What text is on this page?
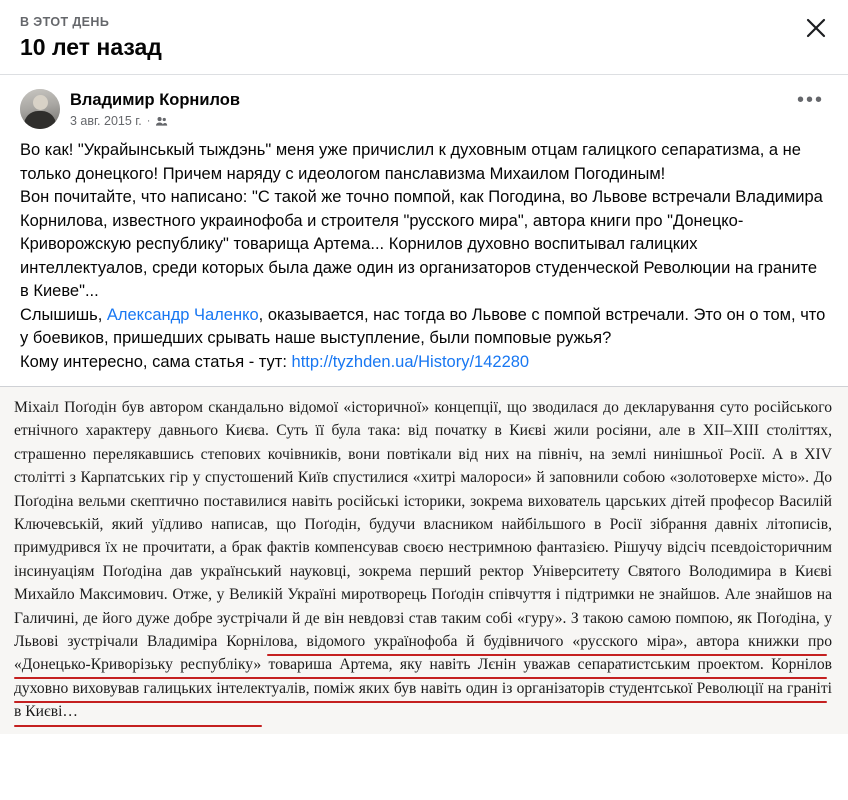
В ЭТОТ ДЕНЬ
10 лет назад
Владимир Корнилов
3 авг. 2015 г. ·
•••

Во как! "Украйынськый тыждэнь" меня уже причислил к духовным отцам галицкого сепаратизма, а не только донецкого! Причем наряду с идеологом панславизма Михаилом Погодиным!

Вон почитайте, что написано: "С такой же точно помпой, как Погодина, во Львове встречали Владимира Корнилова, известного украинофоба и строителя "русского мира", автора книги про "Донецко-Криворожскую республику" товарища Артема... Корнилов духовно воспитывал галицких интеллектуалов, среди которых была даже один из организаторов студенческой Революции на граните в Киеве"...

Слышишь, Александр Чаленко, оказывается, нас тогда во Львове с помпой встречали. Это он о том, что у боевиков, пришедших срывать наше выступление, были помповые ружья?

Кому интересно, сама статья - тут: http://tyzhden.ua/History/142280

Міхаіл Поґодін був автором скандально відомої «історичної» концепції, що зводилася до декларування суто російського етнічного характеру давнього Києва. Суть її була така: від початку в Києві жили росіяни, але в XII–XIII століттях, страшенно перелякавшись степових кочівників, вони повтікали від них на північ, на землі нинішньої Росії. А в XIV столітті з Карпатських гір у спустошений Київ спустилися «хитрі малороси» й заповнили собою «золотоверхе місто». До Поґодіна вельми скептично поставилися навіть російські історики, зокрема вихователь царських дітей професор Василій Ключевській, який уїдливо написав, що Поґодін, будучи власником найбільшого в Росії зібрання давніх літописів, примудрився їх не прочитати, а брак фактів компенсував своєю нестримною фантазією. Рішучу відсіч псевдоісторичним інсинуаціям Поґодіна дав український науковці, зокрема перший ректор Університету Святого Володимира в Києві Михайло Максимович. Отже, у Великій Україні миротворець Поґодін співчуття і підтримки не знайшов. Але знайшов на Галичині, де його дуже добре зустрічали й де він невдовзі став таким собі «гуру». З такою самою помпою, як Поґодіна, у Львові зустрічали Владиміра Корнілова, відомого українофоба й будівничого «русского міра», автора книжки про «Донецько-Криворізьку республіку» товариша Артема, яку навіть Лєнін уважав сепаратистським проектом. Корнілов духовно виховував галицьких інтелектуалів, поміж яких був навіть один із організаторів студентської Революції на граніті в Києві…
